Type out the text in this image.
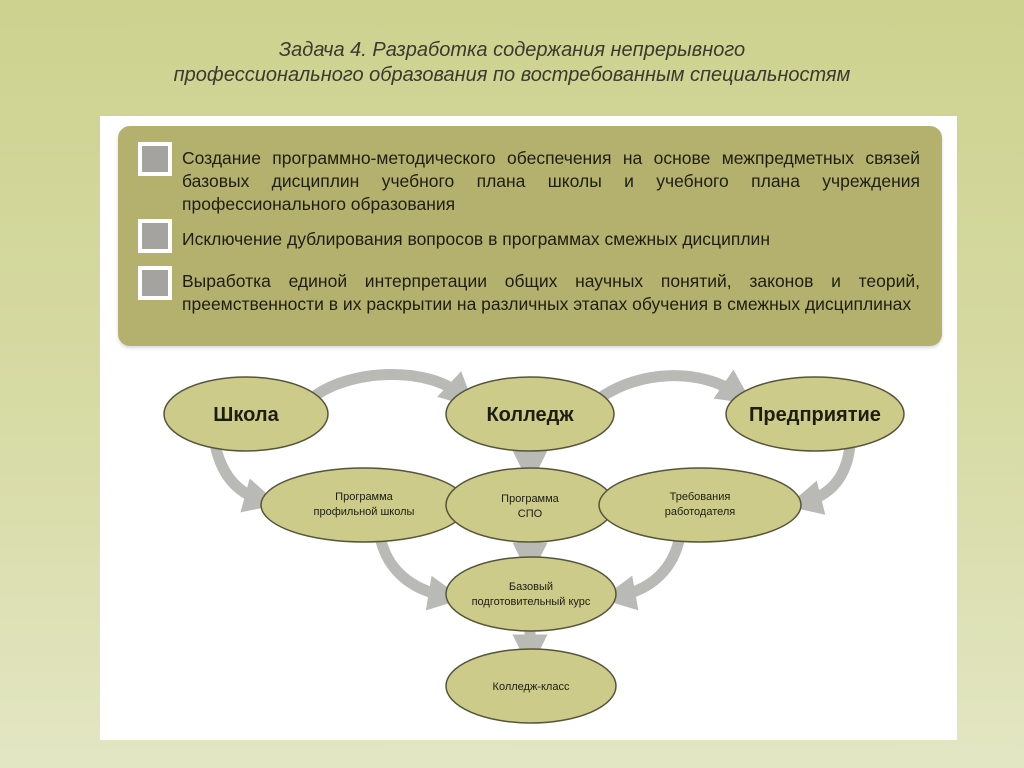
Задача 4. Разработка содержания непрерывного
профессионального образования по востребованным специальностям
Создание программно-методического обеспечения на основе межпредметных связей базовых дисциплин учебного плана школы и учебного плана учреждения профессионального образования
Исключение дублирования вопросов в программах смежных дисциплин
Выработка единой интерпретации общих научных понятий, законов и теорий, преемственности в их раскрытии на различных этапах обучения в смежных дисциплинах
Школа	Колледж	Предприятие
Программа
профильной школы
Программа
СПО
Требования
работодателя
Базовый
подготовительный курс
Колледж-класс
